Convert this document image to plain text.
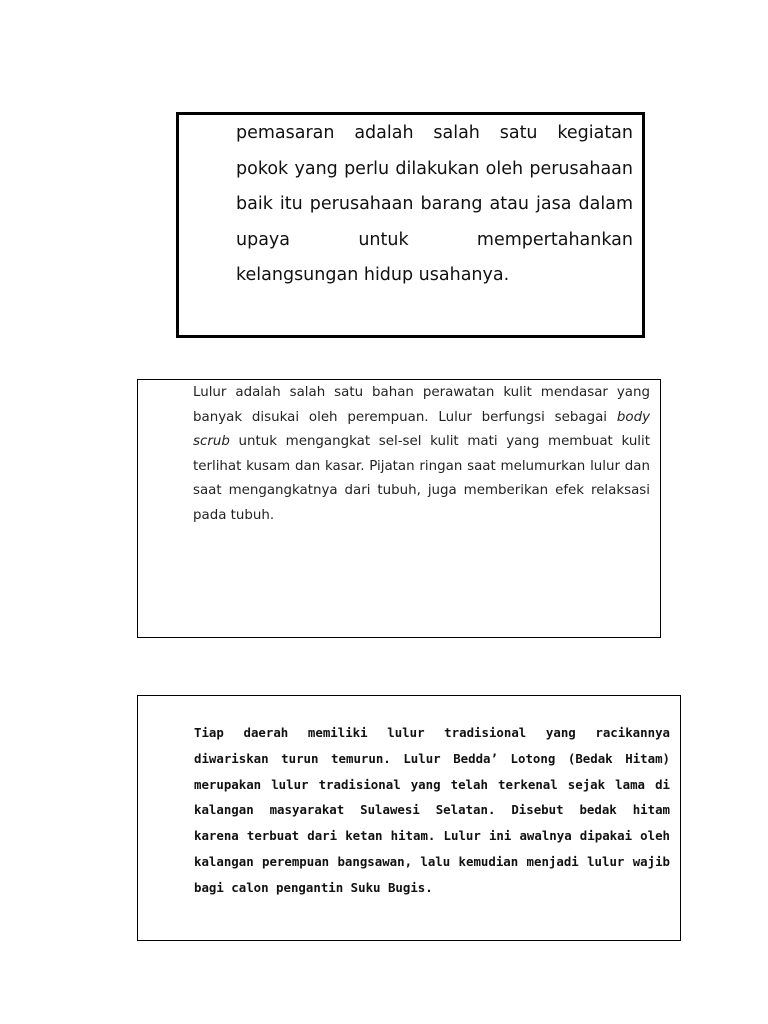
pemasaran adalah salah satu kegiatan pokok yang perlu dilakukan oleh perusahaan baik itu perusahaan barang atau jasa dalam upaya untuk mempertahankan kelangsungan hidup usahanya.
Lulur adalah salah satu bahan perawatan kulit mendasar yang banyak disukai oleh perempuan. Lulur berfungsi sebagai body scrub untuk mengangkat sel-sel kulit mati yang membuat kulit terlihat kusam dan kasar. Pijatan ringan saat melumurkan lulur dan saat mengangkatnya dari tubuh, juga memberikan efek relaksasi pada tubuh.
Tiap daerah memiliki lulur tradisional yang racikannya diwariskan turun temurun. Lulur Bedda’ Lotong (Bedak Hitam) merupakan lulur tradisional yang telah terkenal sejak lama di kalangan masyarakat Sulawesi Selatan. Disebut bedak hitam karena terbuat dari ketan hitam. Lulur ini awalnya dipakai oleh kalangan perempuan bangsawan, lalu kemudian menjadi lulur wajib bagi calon pengantin Suku Bugis.
